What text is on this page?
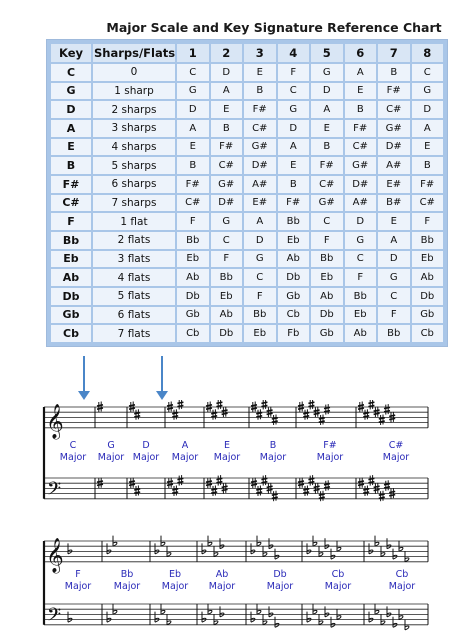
Major Scale and Key Signature Reference Chart
Key	Sharps/Flats	1	2	3	4	5	6	7	8
C	0	C	D	E	F	G	A	B	C
G	1 sharp	G	A	B	C	D	E	F#	G
D	2 sharps	D	E	F#	G	A	B	C#	D
A	3 sharps	A	B	C#	D	E	F#	G#	A
E	4 sharps	E	F#	G#	A	B	C#	D#	E
B	5 sharps	B	C#	D#	E	F#	G#	A#	B
F#	6 sharps	F#	G#	A#	B	C#	D#	E#	F#
C#	7 sharps	C#	D#	E#	F#	G#	A#	B#	C#
F	1 flat	F	G	A	Bb	C	D	E	F
Bb	2 flats	Bb	C	D	Eb	F	G	A	Bb
Eb	3 flats	Eb	F	G	Ab	Bb	C	D	Eb
Ab	4 flats	Ab	Bb	C	Db	Eb	F	G	Ab
Db	5 flats	Db	Eb	F	Gb	Ab	Bb	C	Db
Gb	6 flats	Gb	Ab	Bb	Cb	Db	Eb	F	Gb
Cb	7 flats	Cb	Db	Eb	Fb	Gb	Ab	Bb	Cb
𝄞
𝄢
𝄞
𝄢
C
Major
G
Major
D
Major
A
Major
E
Major
B
Major
F#
Major
C#
Major
F
Major
Bb
Major
Eb
Major
Ab
Major
Db
Major
Cb
Major
Cb
Major
